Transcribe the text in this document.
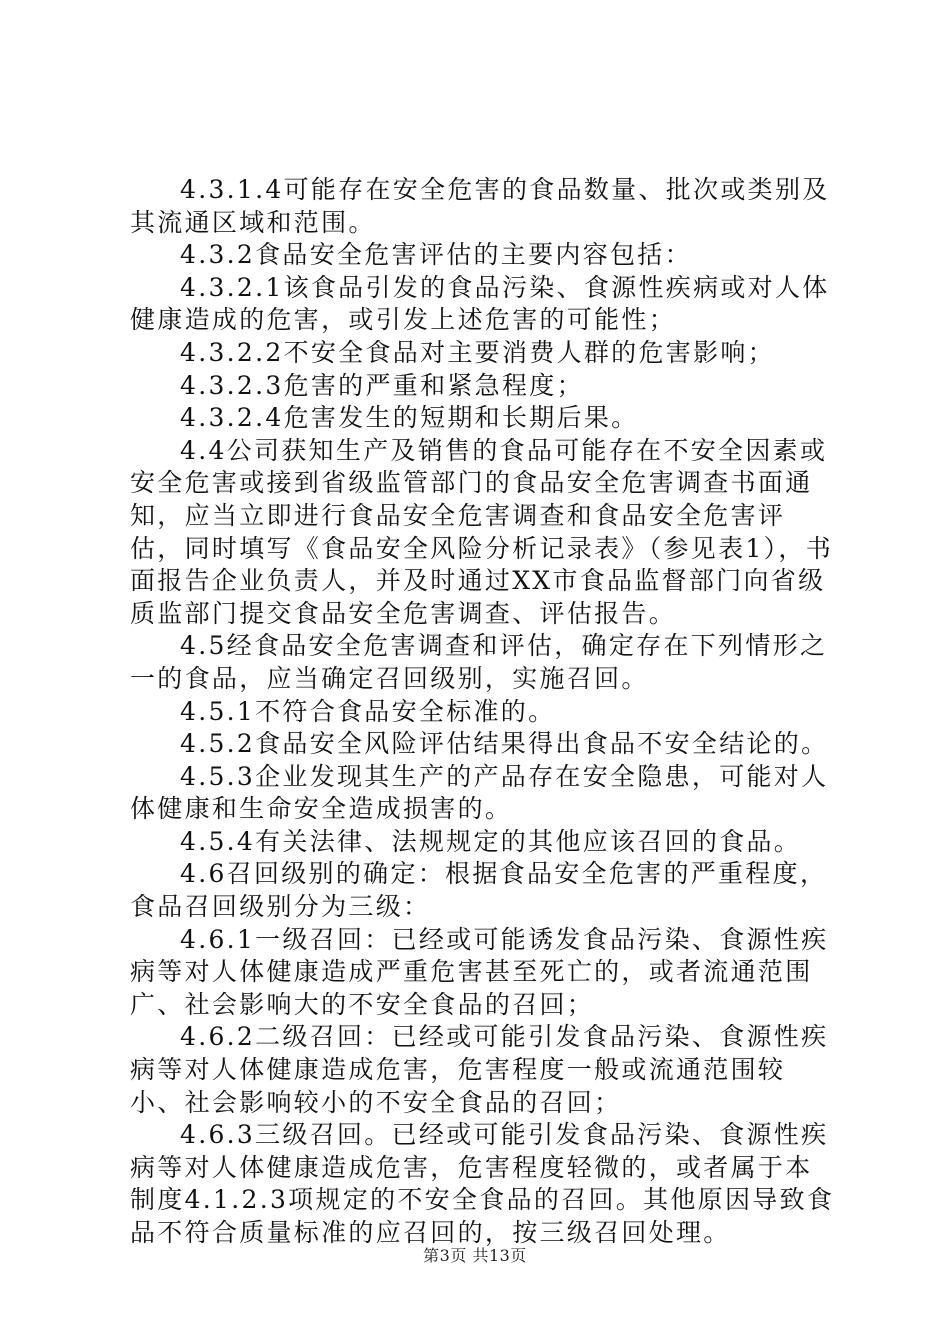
4.3.1.4可能存在安全危害的食品数量、批次或类别及其流通区域和范围。

4.3.2食品安全危害评估的主要内容包括：

4.3.2.1该食品引发的食品污染、食源性疾病或对人体健康造成的危害，或引发上述危害的可能性；

4.3.2.2不安全食品对主要消费人群的危害影响；

4.3.2.3危害的严重和紧急程度；

4.3.2.4危害发生的短期和长期后果。

4.4公司获知生产及销售的食品可能存在不安全因素或安全危害或接到省级监管部门的食品安全危害调查书面通知，应当立即进行食品安全危害调查和食品安全危害评估，同时填写《食品安全风险分析记录表》（参见表1），书面报告企业负责人，并及时通过XX市食品监督部门向省级质监部门提交食品安全危害调查、评估报告。

4.5经食品安全危害调查和评估，确定存在下列情形之一的食品，应当确定召回级别，实施召回。

4.5.1不符合食品安全标准的。

4.5.2食品安全风险评估结果得出食品不安全结论的。

4.5.3企业发现其生产的产品存在安全隐患，可能对人体健康和生命安全造成损害的。

4.5.4有关法律、法规规定的其他应该召回的食品。

4.6召回级别的确定：根据食品安全危害的严重程度，食品召回级别分为三级：

4.6.1一级召回：已经或可能诱发食品污染、食源性疾病等对人体健康造成严重危害甚至死亡的，或者流通范围广、社会影响大的不安全食品的召回；

4.6.2二级召回：已经或可能引发食品污染、食源性疾病等对人体健康造成危害，危害程度一般或流通范围较小、社会影响较小的不安全食品的召回；

4.6.3三级召回。已经或可能引发食品污染、食源性疾病等对人体健康造成危害，危害程度轻微的，或者属于本制度4.1.2.3项规定的不安全食品的召回。其他原因导致食品不符合质量标准的应召回的，按三级召回处理。

第3页 共13页
